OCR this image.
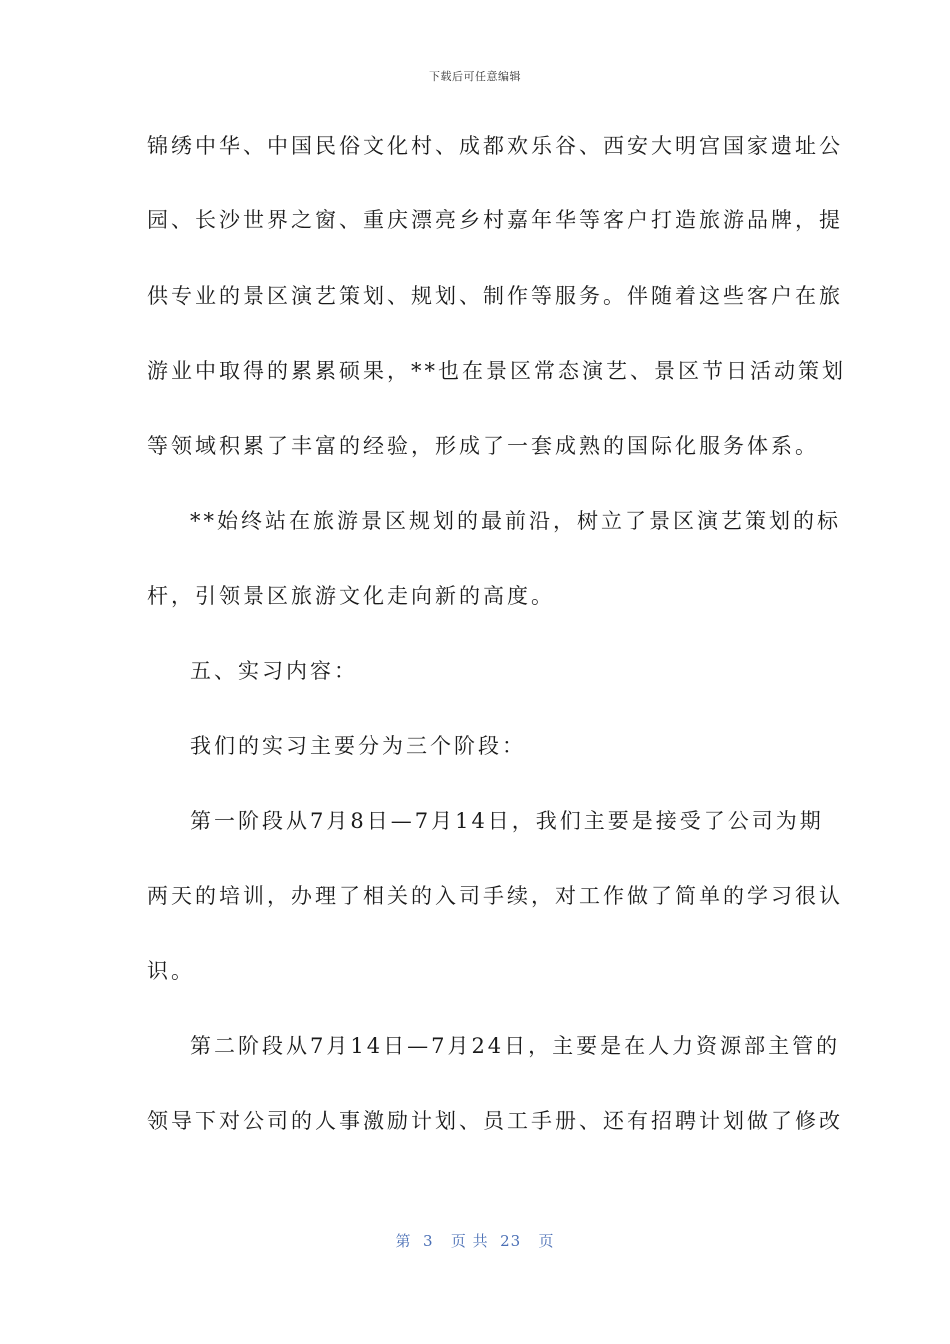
下载后可任意编辑
锦绣中华、中国民俗文化村、成都欢乐谷、西安大明宫国家遗址公
园、长沙世界之窗、重庆漂亮乡村嘉年华等客户打造旅游品牌，提
供专业的景区演艺策划、规划、制作等服务。伴随着这些客户在旅
游业中取得的累累硕果，**也在景区常态演艺、景区节日活动策划
等领域积累了丰富的经验，形成了一套成熟的国际化服务体系。
**始终站在旅游景区规划的最前沿，树立了景区演艺策划的标
杆，引领景区旅游文化走向新的高度。
五、实习内容：
我们的实习主要分为三个阶段：
第一阶段从7月8日—7月14日，我们主要是接受了公司为期
两天的培训，办理了相关的入司手续，对工作做了简单的学习很认
识。
第二阶段从7月14日—7月24日，主要是在人力资源部主管的
领导下对公司的人事激励计划、员工手册、还有招聘计划做了修改
第  3   页 共  23   页
